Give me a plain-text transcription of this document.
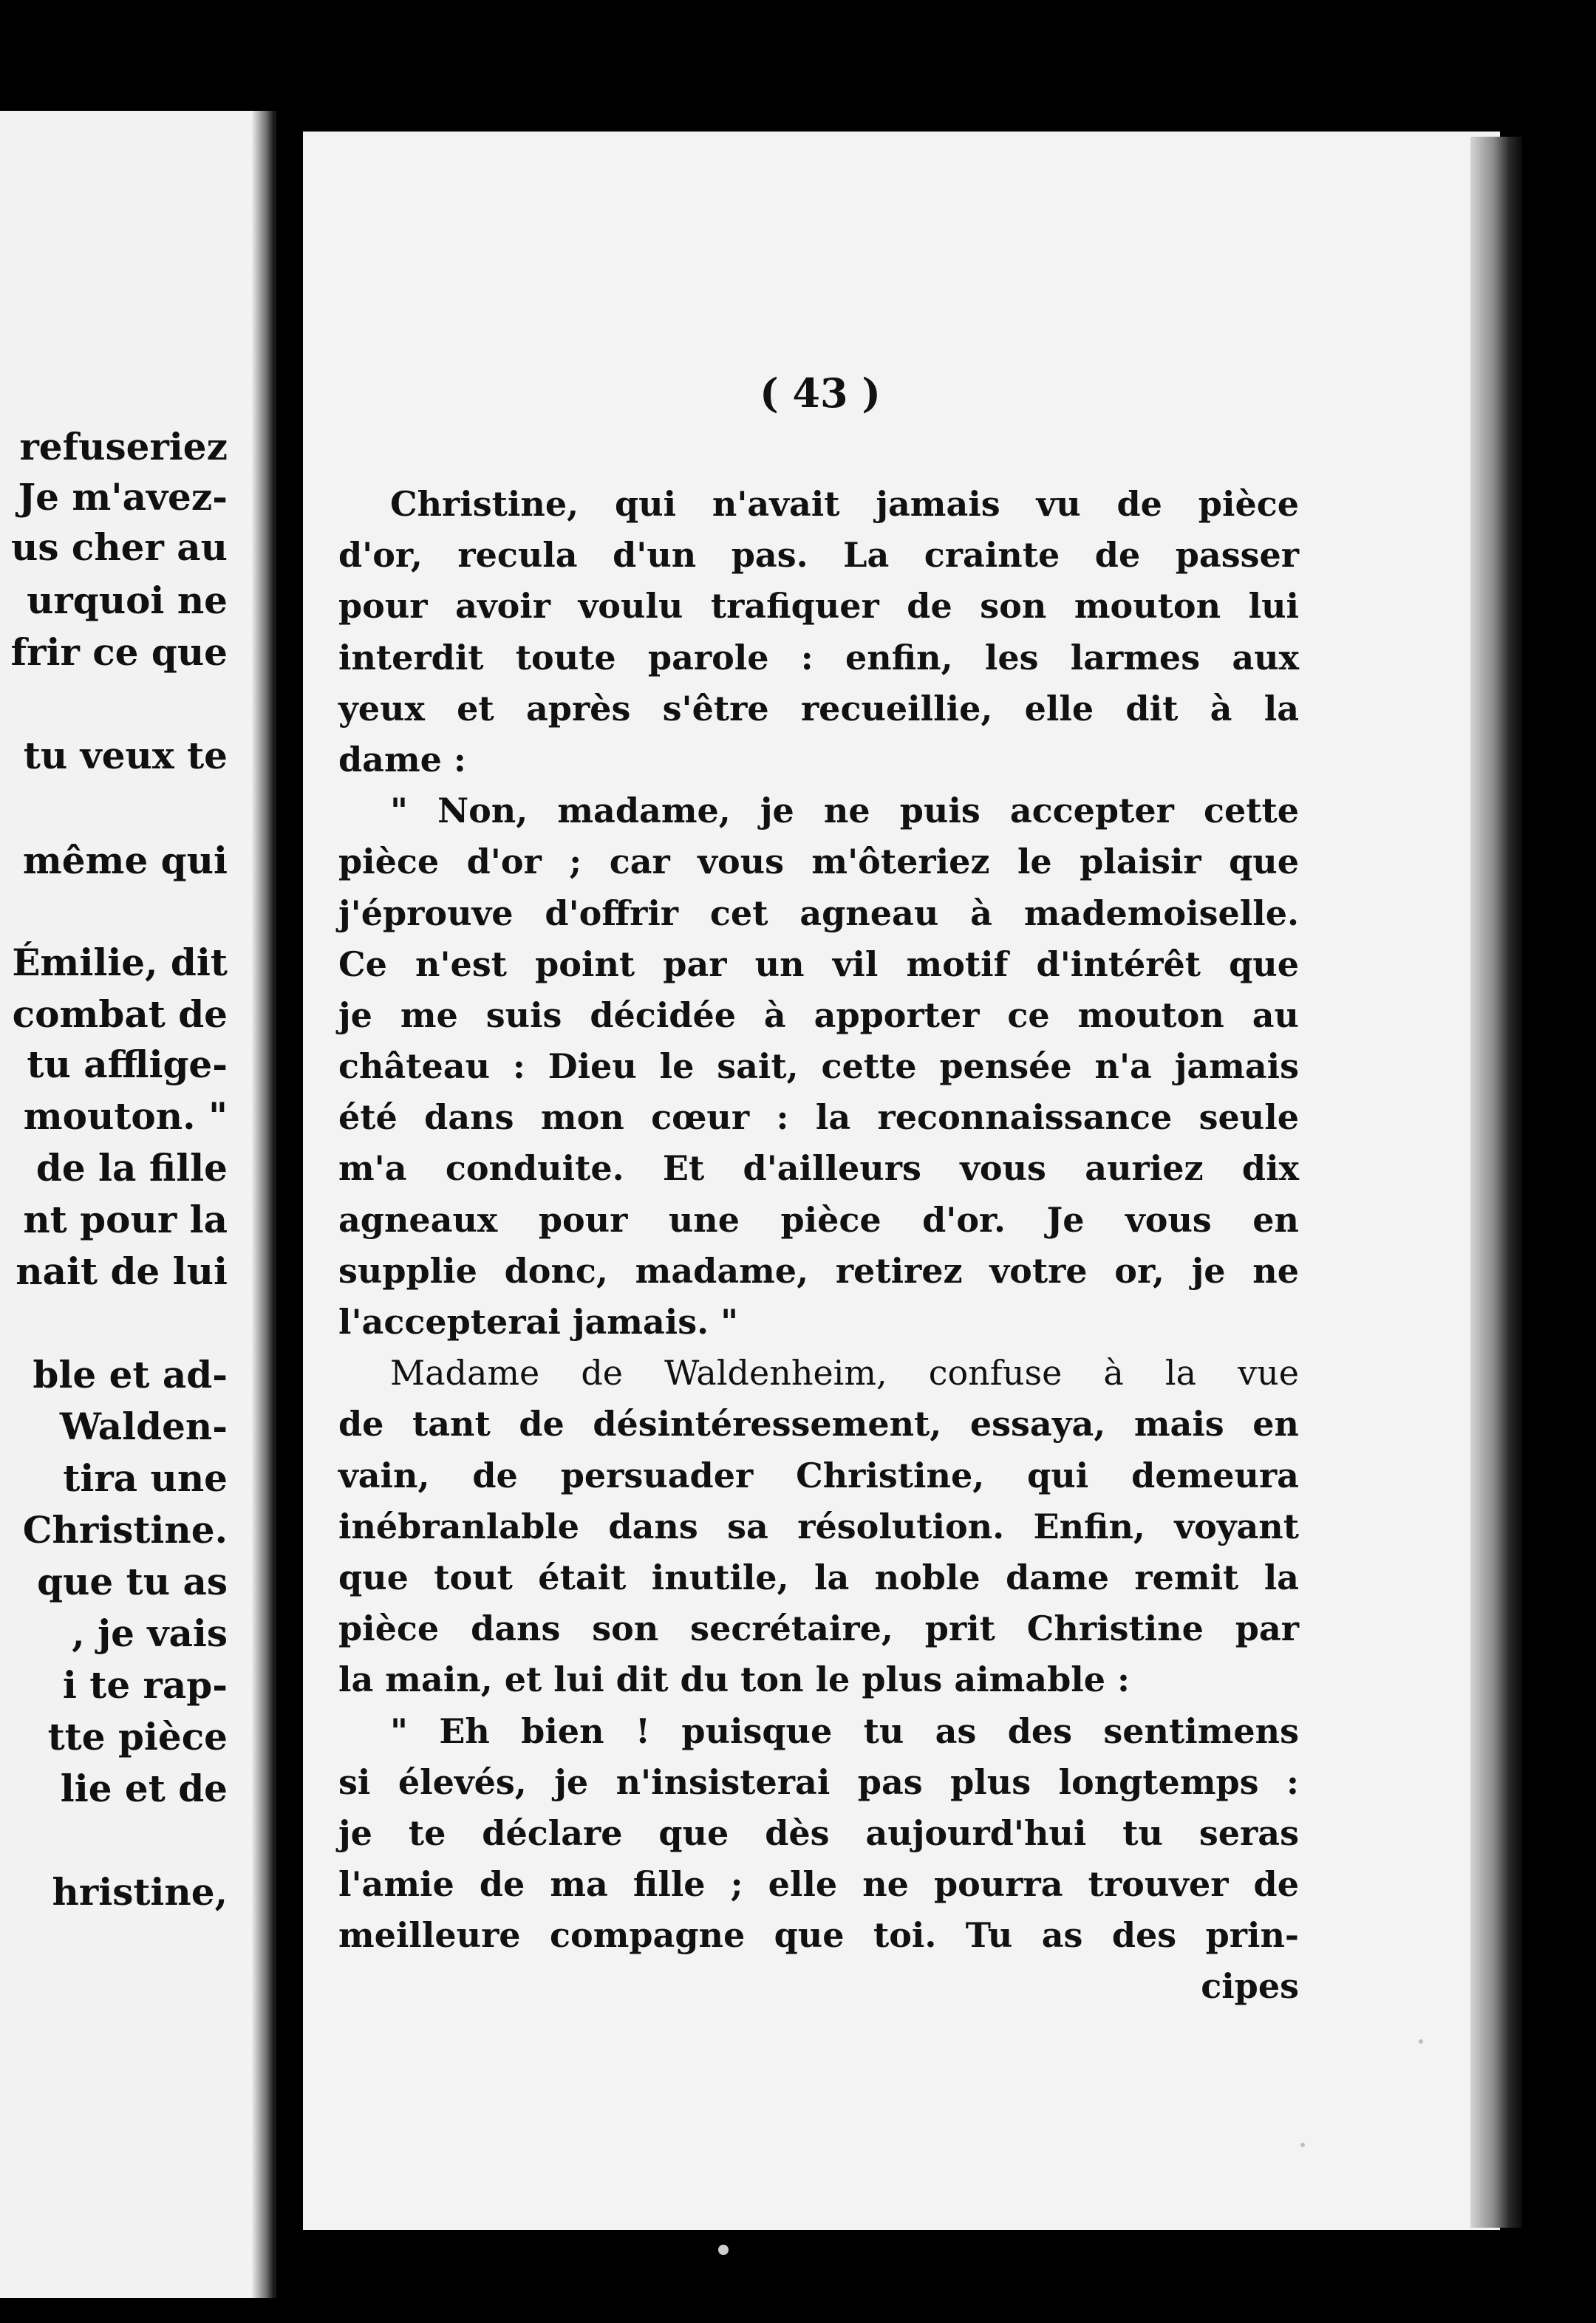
refuseriez
Je m'avez-
us cher au
urquoi ne
frir ce que
tu veux te
même qui
Émilie, dit
combat de
tu afflige-
mouton. "
de la fille
nt pour la
nait de lui
ble et ad-
Walden-
tira une
Christine.
que tu as
, je vais
i te rap-
tte pièce
lie et de
hristine,
( 43 )
Christine, qui n'avait jamais vu de pièce
d'or, recula d'un pas. La crainte de passer
pour avoir voulu trafiquer de son mouton lui
interdit toute parole : enfin, les larmes aux
yeux et après s'être recueillie, elle dit à la
dame :
" Non, madame, je ne puis accepter cette
pièce d'or ; car vous m'ôteriez le plaisir que
j'éprouve d'offrir cet agneau à mademoiselle.
Ce n'est point par un vil motif d'intérêt que
je me suis décidée à apporter ce mouton au
château : Dieu le sait, cette pensée n'a jamais
été dans mon cœur : la reconnaissance seule
m'a conduite. Et d'ailleurs vous auriez dix
agneaux pour une pièce d'or. Je vous en
supplie donc, madame, retirez votre or, je ne
l'accepterai jamais. "
Madame de Waldenheim, confuse à la vue
de tant de désintéressement, essaya, mais en
vain, de persuader Christine, qui demeura
inébranlable dans sa résolution. Enfin, voyant
que tout était inutile, la noble dame remit la
pièce dans son secrétaire, prit Christine par
la main, et lui dit du ton le plus aimable :
" Eh bien ! puisque tu as des sentimens
si élevés, je n'insisterai pas plus longtemps :
je te déclare que dès aujourd'hui tu seras
l'amie de ma fille ; elle ne pourra trouver de
meilleure compagne que toi. Tu as des prin-
cipes
